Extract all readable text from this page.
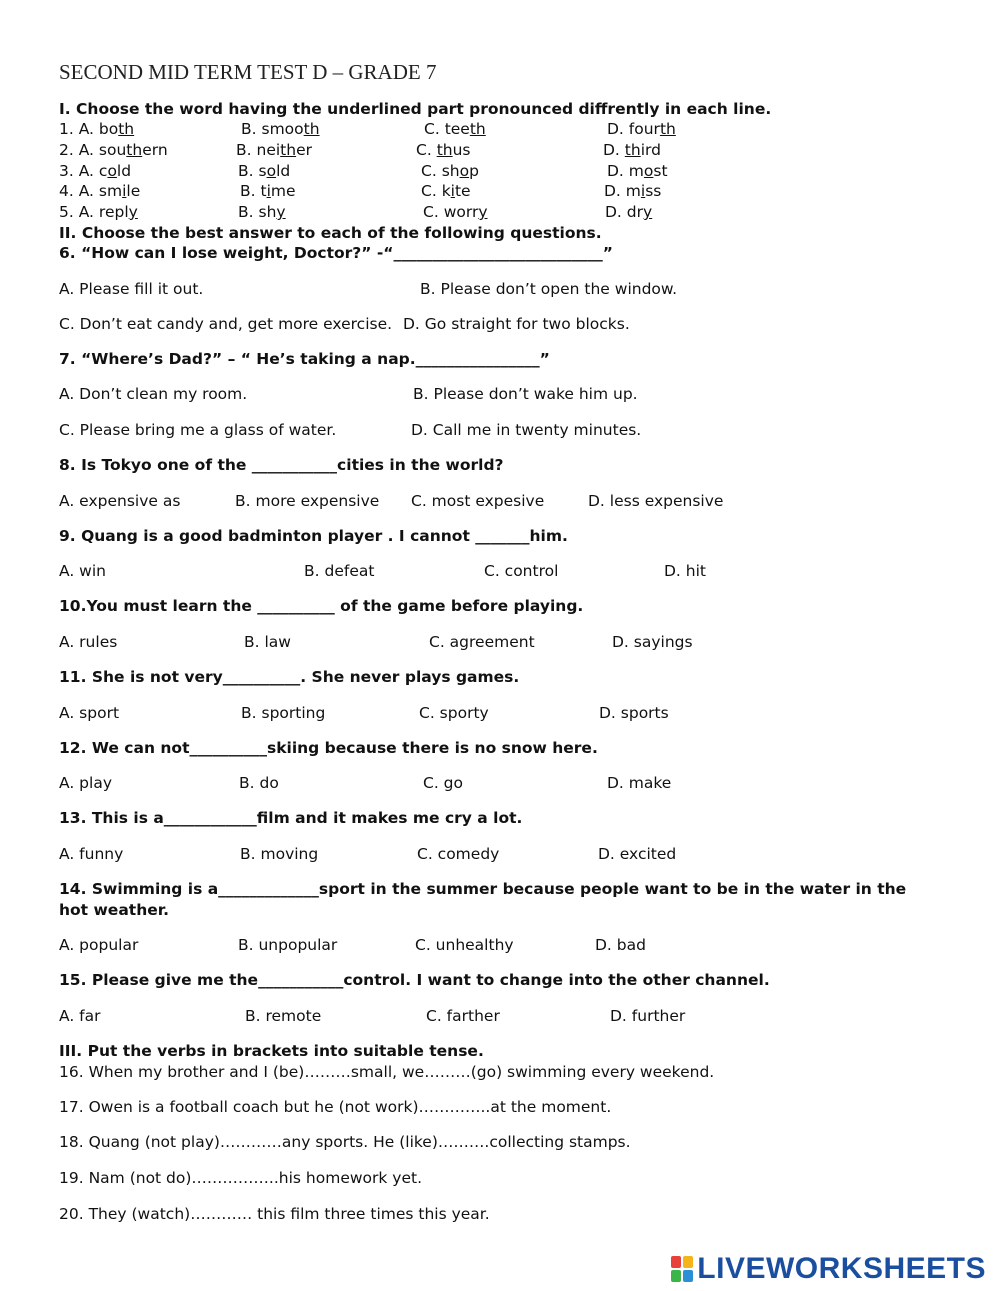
SECOND MID TERM TEST D – GRADE 7
I. Choose the word having the underlined part pronounced diffrently in each line.
1. A. both	B. smooth	C. teeth	D. fourth
2. A. southern	B. neither	C. thus	D. third
3. A. cold	B. sold	C. shop	D. most
4. A. smile	B. time	C. kite	D. miss
5. A. reply	B. shy	C. worry	D. dry
II. Choose the best answer to each of the following questions.
6. “How can I lose weight, Doctor?” -“___________________________”
A. Please fill it out.	B. Please don’t open the window.
C. Don’t eat candy and, get more exercise. D. Go straight for two blocks.
7. “Where’s Dad?” – “ He’s taking a nap.________________”
A. Don’t clean my room.	B. Please don’t wake him up.
C. Please bring me a glass of water.	D. Call me in twenty minutes.
8. Is Tokyo one of the ___________cities in the world?
A. expensive as	B. more expensive C. most expesive	D. less expensive
9. Quang is a good badminton player . I cannot _______him.
A. win	B. defeat	C. control	D. hit
10.You must learn the __________ of the game before playing.
A. rules	B. law	C. agreement	D. sayings
11. She is not very__________. She never plays games.
A. sport	B. sporting	C. sporty	D. sports
12. We can not__________skiing because there is no snow here.
A. play	B. do	C. go	D. make
13. This is a____________film and it makes me cry a lot.
A. funny	B. moving	C. comedy	D. excited
14. Swimming is a_____________sport in the summer because people want to be in the water in the
hot weather.
A. popular	B. unpopular	C. unhealthy	D. bad
15. Please give me the___________control. I want to change into the other channel.
A. far	B. remote	C. farther	D. further
III. Put the verbs in brackets into suitable tense.
16. When my brother and I (be)………small, we………(go) swimming every weekend.
17. Owen is a football coach but he (not work)…………..at the moment.
18. Quang (not play)…………any sports. He (like)……….collecting stamps.
19. Nam (not do)……………..his homework yet.
20. They (watch)………… this film three times this year.
LIVEWORKSHEETS
